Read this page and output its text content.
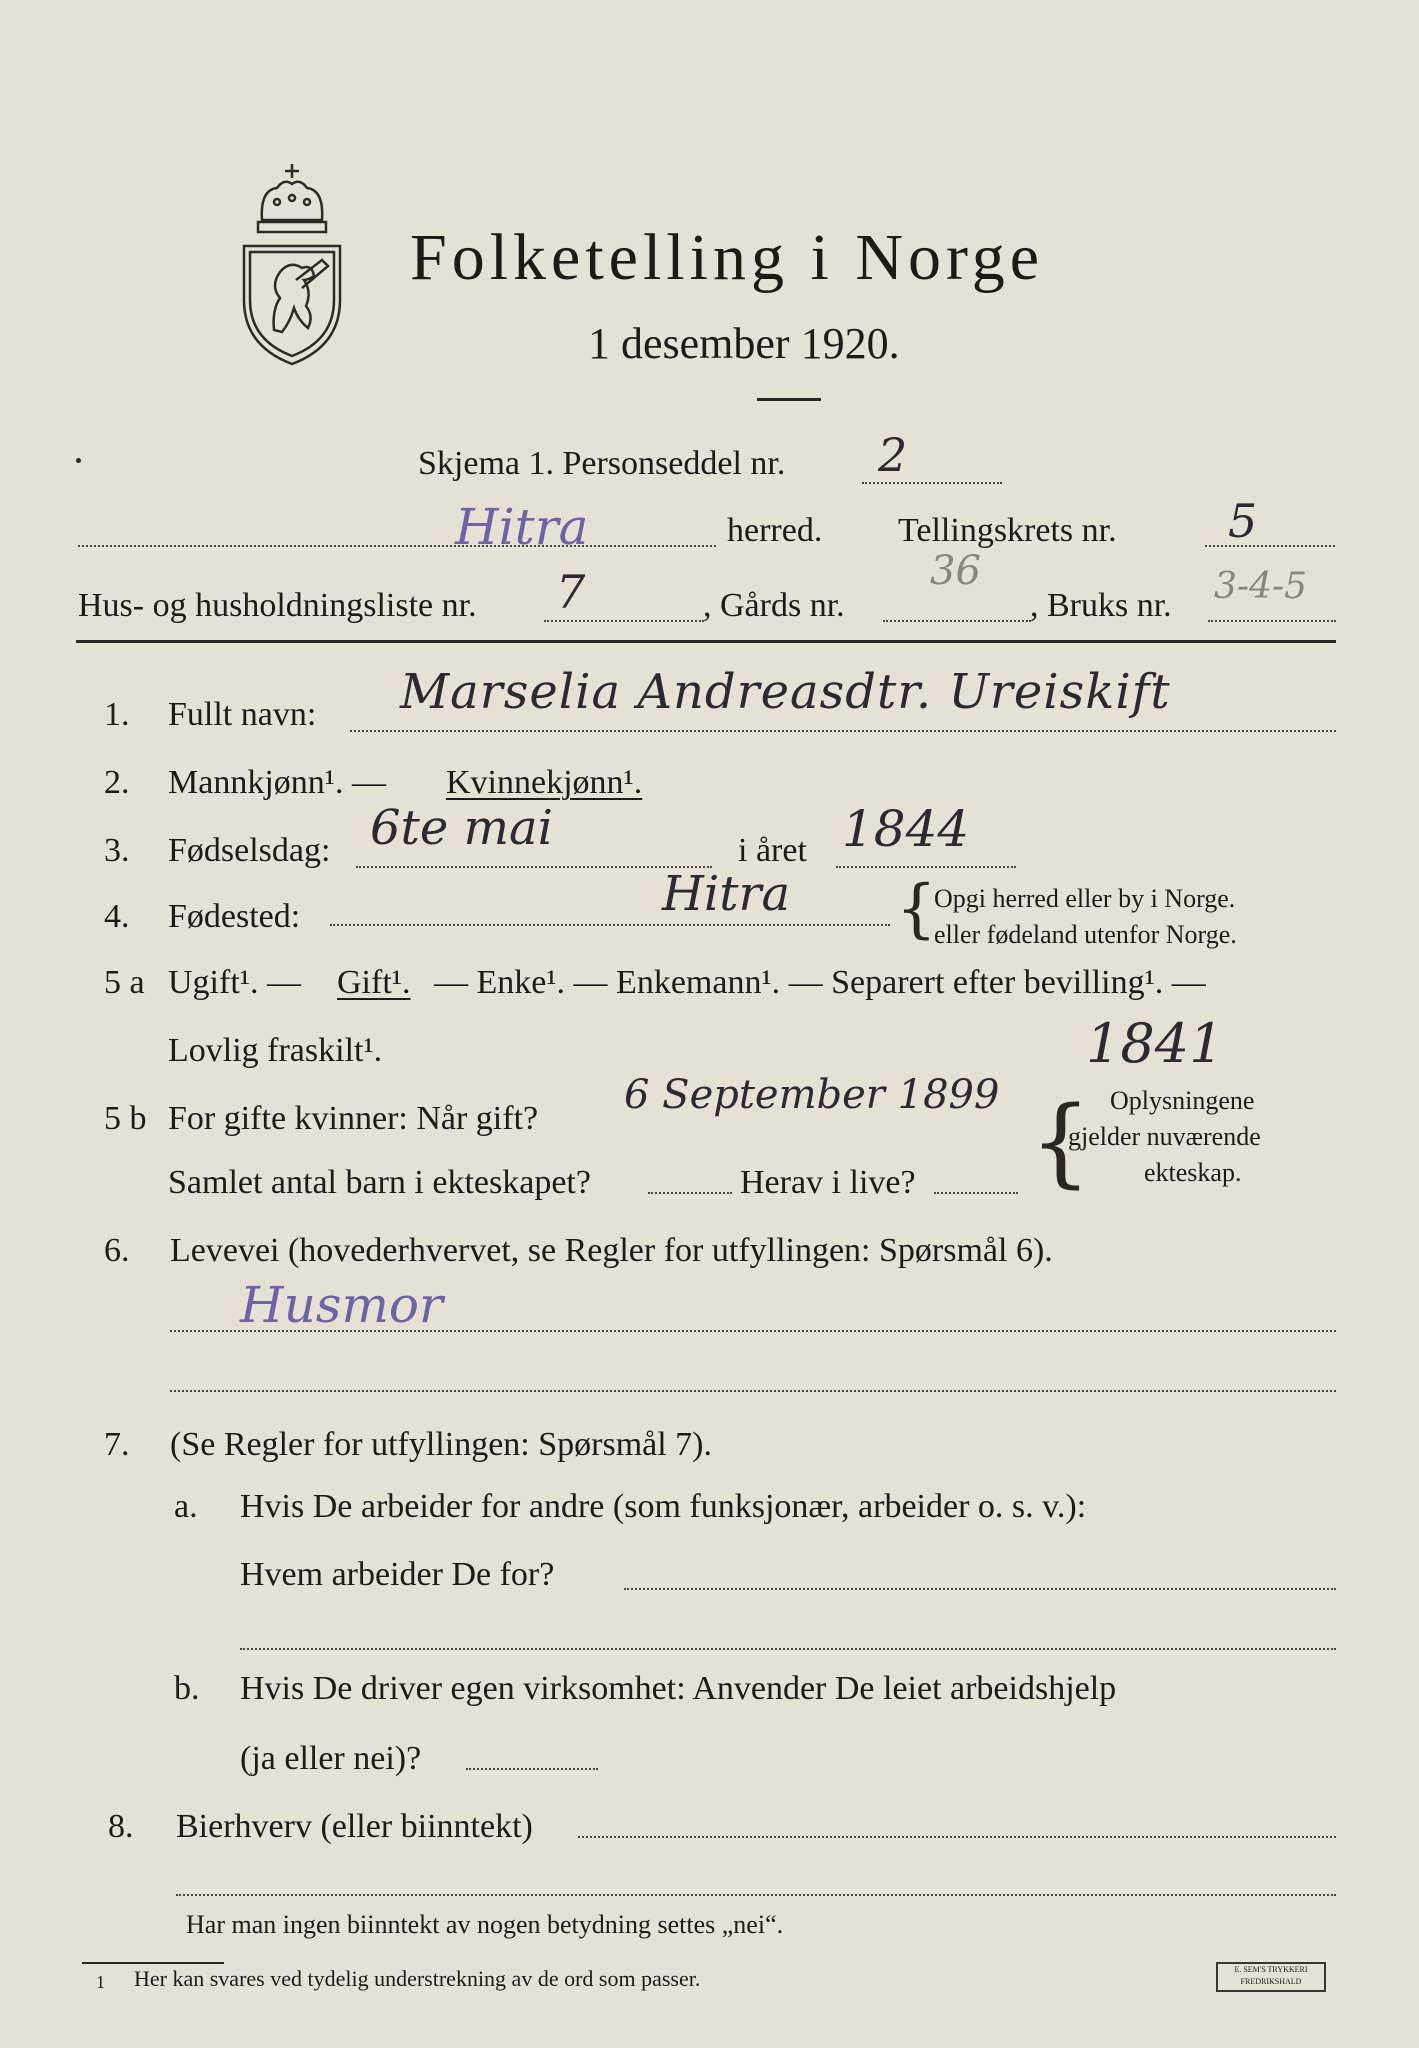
Folketelling i Norge
1 desember 1920.
Skjema 1. Personseddel nr. 2
Hitra	herred. Tellingskrets nr. 5
Hus- og husholdningsliste nr. 7	, Gårds nr.
36
, Bruks nr. 3-4-5
1. Fullt navn: Marselia Andreasdtr. Ureiskift
2. Mannkjønn¹. — Kvinnekjønn¹.
3. Fødselsdag: 6te mai	i året 1844
4. Fødested:	Hitra {
Opgi herred eller by i Norge.
eller fødeland utenfor Norge.
5 a Ugift¹. — Gift¹. — Enke¹. — Enkemann¹. — Separert efter bevilling¹. —
Lovlig fraskilt¹.	1841
5 b For gifte kvinner: Når gift?
6 September 1899
Samlet antal barn i ekteskapet?	Herav i live? { Oplysningene
gjelder nuværende
ekteskap.
6. Levevei (hovederhvervet, se Regler for utfyllingen: Spørsmål 6).
Husmor
7. (Se Regler for utfyllingen: Spørsmål 7).
a. Hvis De arbeider for andre (som funksjonær, arbeider o. s. v.):
Hvem arbeider De for?
b. Hvis De driver egen virksomhet: Anvender De leiet arbeidshjelp
(ja eller nei)?
8. Bierhverv (eller biinntekt)
Har man ingen biinntekt av nogen betydning settes „nei“.
1 Her kan svares ved tydelig understrekning av de ord som passer.	E. SEM'S TRYKKERI
FREDRIKSHALD
